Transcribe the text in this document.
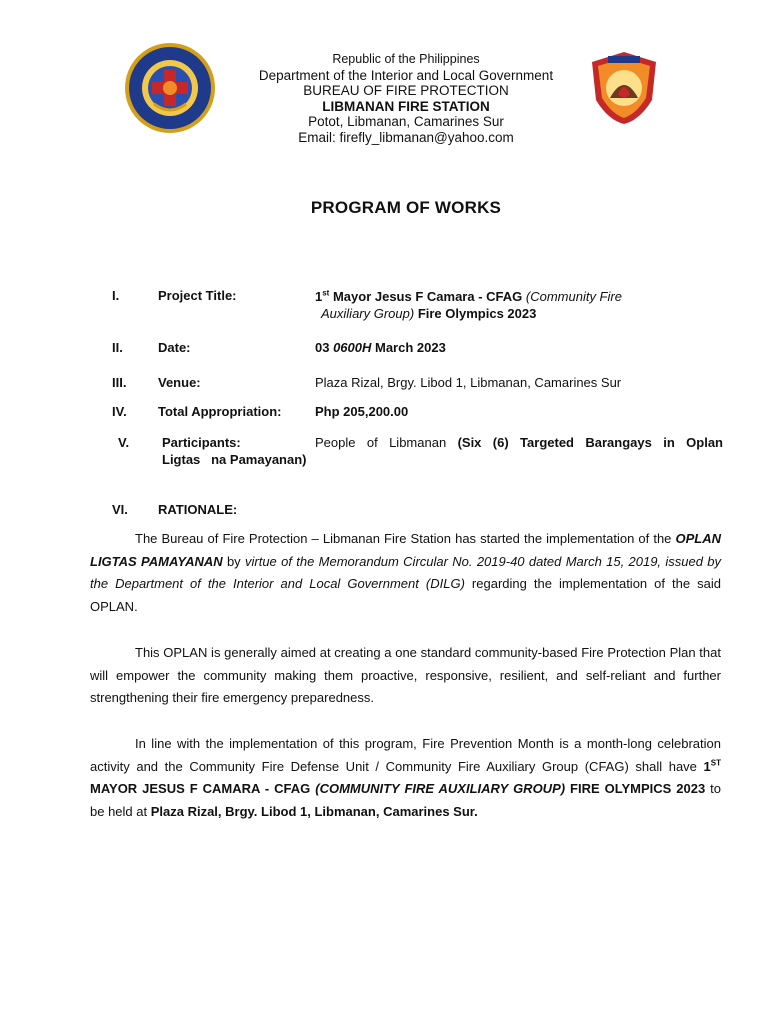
Republic of the Philippines
Department of the Interior and Local Government
BUREAU OF FIRE PROTECTION
LIBMANAN FIRE STATION
Potot, Libmanan, Camarines Sur
Email: firefly_libmanan@yahoo.com
PROGRAM OF WORKS
I.	Project Title:	1st Mayor Jesus F Camara - CFAG (Community Fire
Auxiliary Group) Fire Olympics 2023
II.	Date:	03 0600H March 2023
III. Venue:	Plaza Rizal, Brgy. Libod 1, Libmanan, Camarines Sur
IV. Total Appropriation:	Php 205,200.00
V.	Participants:	People of Libmanan (Six (6) Targeted Barangays in Oplan
Ligtas   na Pamayanan)
VI. RATIONALE:
The Bureau of Fire Protection – Libmanan Fire Station has started the implementation of the OPLAN LIGTAS PAMAYANAN by virtue of the Memorandum Circular No. 2019-40 dated March 15, 2019, issued by the Department of the Interior and Local Government (DILG) regarding the implementation of the said OPLAN.
This OPLAN is generally aimed at creating a one standard community-based Fire Protection Plan that will empower the community making them proactive, responsive, resilient, and self-reliant and further strengthening their fire emergency preparedness.
In line with the implementation of this program, Fire Prevention Month is a month-long celebration activity and the Community Fire Defense Unit / Community Fire Auxiliary Group (CFAG) shall have 1ST MAYOR JESUS F CAMARA - CFAG (COMMUNITY FIRE AUXILIARY GROUP) FIRE OLYMPICS 2023 to be held at Plaza Rizal, Brgy. Libod 1, Libmanan, Camarines Sur.
